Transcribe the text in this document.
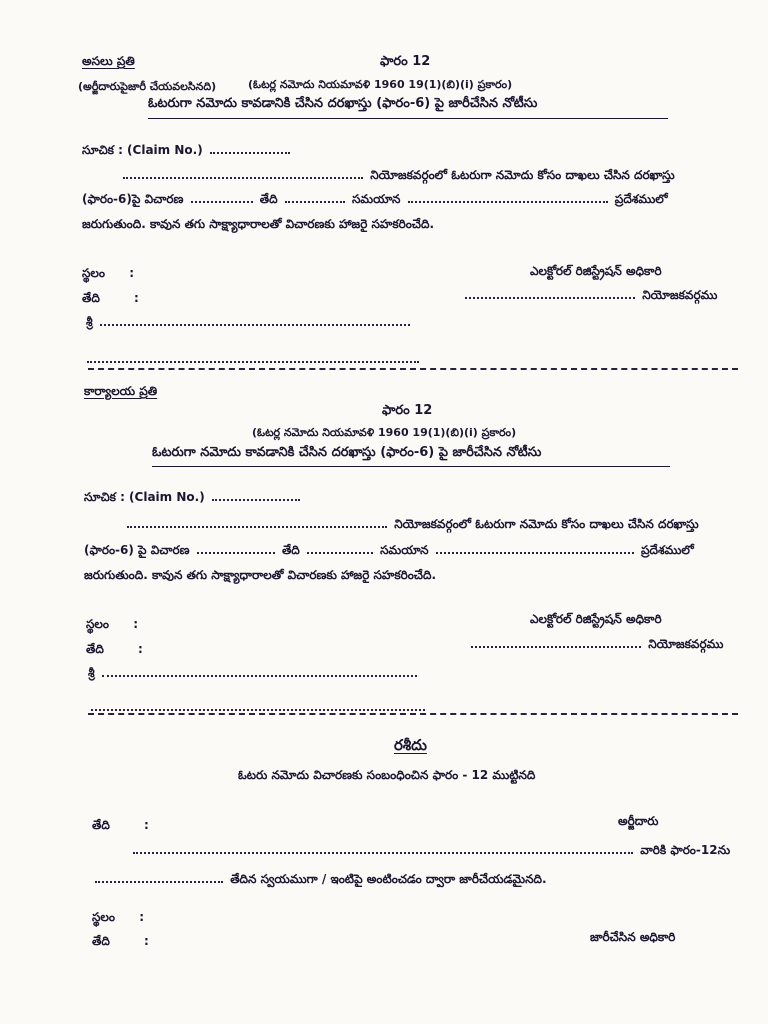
అసలు ప్రతి
(అర్జీదారుపైజారీ చేయవలసినది)
ఫారం 12
(ఓటర్ల నమోదు నియమావళి 1960 19(1)(బి)(i) ప్రకారం)
ఓటరుగా నమోదు కావడానికి చేసిన దరఖాస్తు (ఫారం-6) పై జారీచేసిన నోటీసు
సూచిక : (Claim No.)
నియోజకవర్గంలో ఓటరుగా నమోదు కోసం దాఖలు చేసిన దరఖాస్తు
(ఫారం-6)పై విచారణ	తేది	సమయాన	ప్రదేశములో
జరుగుతుంది. కావున తగు సాక్ష్యాధారాలతో విచారణకు హాజరై సహకరించేది.
స్థలం :
తేది	:
ఎలక్టోరల్ రిజిస్ట్రేషన్ అధికారి
నియోజకవర్గము
శ్రీ
కార్యాలయ ప్రతి
ఫారం 12
(ఓటర్ల నమోదు నియమావళి 1960 19(1)(బి)(i) ప్రకారం)
ఓటరుగా నమోదు కావడానికి చేసిన దరఖాస్తు (ఫారం-6) పై జారీచేసిన నోటీసు
సూచిక : (Claim No.)
నియోజకవర్గంలో ఓటరుగా నమోదు కోసం దాఖలు చేసిన దరఖాస్తు
(ఫారం-6) పై విచారణ	తేది	సమయాన	ప్రదేశములో
జరుగుతుంది. కావున తగు సాక్ష్యాధారాలతో విచారణకు హాజరై సహకరించేది.
స్థలం :
తేది	:
ఎలక్టోరల్ రిజిస్ట్రేషన్ అధికారి
నియోజకవర్గము
శ్రీ
రశీదు
ఓటరు నమోదు విచారణకు సంబంధించిన ఫారం - 12 ముట్టినది
తేది	:	అర్జీదారు
వారికి ఫారం-12ను
తేదిన స్వయముగా / ఇంటిపై అంటించడం ద్వారా జారీచేయడమైనది.
స్థలం :
తేది	:	జారీచేసిన అధికారి
